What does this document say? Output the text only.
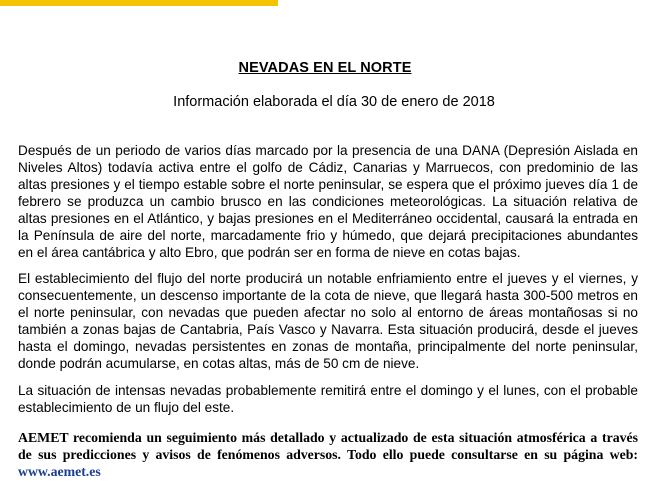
NEVADAS EN EL NORTE
Información elaborada el día 30 de enero de 2018
Después de un periodo de varios días marcado por la presencia de una DANA (Depresión Aislada en Niveles Altos) todavía activa entre el golfo de Cádiz, Canarias y Marruecos, con predominio de las altas presiones y el tiempo estable sobre el norte peninsular, se espera que el próximo jueves día 1 de febrero se produzca un cambio brusco en las condiciones meteorológicas. La situación relativa de altas presiones en el Atlántico, y bajas presiones en el Mediterráneo occidental, causará la entrada en la Península de aire del norte, marcadamente frio y húmedo, que dejará precipitaciones abundantes en el área cantábrica y alto Ebro, que podrán ser en forma de nieve en cotas bajas.
El establecimiento del flujo del norte producirá un notable enfriamiento entre el jueves y el viernes, y consecuentemente, un descenso importante de la cota de nieve, que llegará hasta 300-500 metros en el norte peninsular, con nevadas que pueden afectar no solo al entorno de áreas montañosas si no también a zonas bajas de Cantabria, País Vasco y Navarra. Esta situación producirá, desde el jueves hasta el domingo, nevadas persistentes en zonas de montaña, principalmente del norte peninsular, donde podrán acumularse, en cotas altas, más de 50 cm de nieve.
La situación de intensas nevadas probablemente remitirá entre el domingo y el lunes, con el probable establecimiento de un flujo del este.
AEMET recomienda un seguimiento más detallado y actualizado de esta situación atmosférica a través de sus predicciones y avisos de fenómenos adversos. Todo ello puede consultarse en su página web: www.aemet.es
